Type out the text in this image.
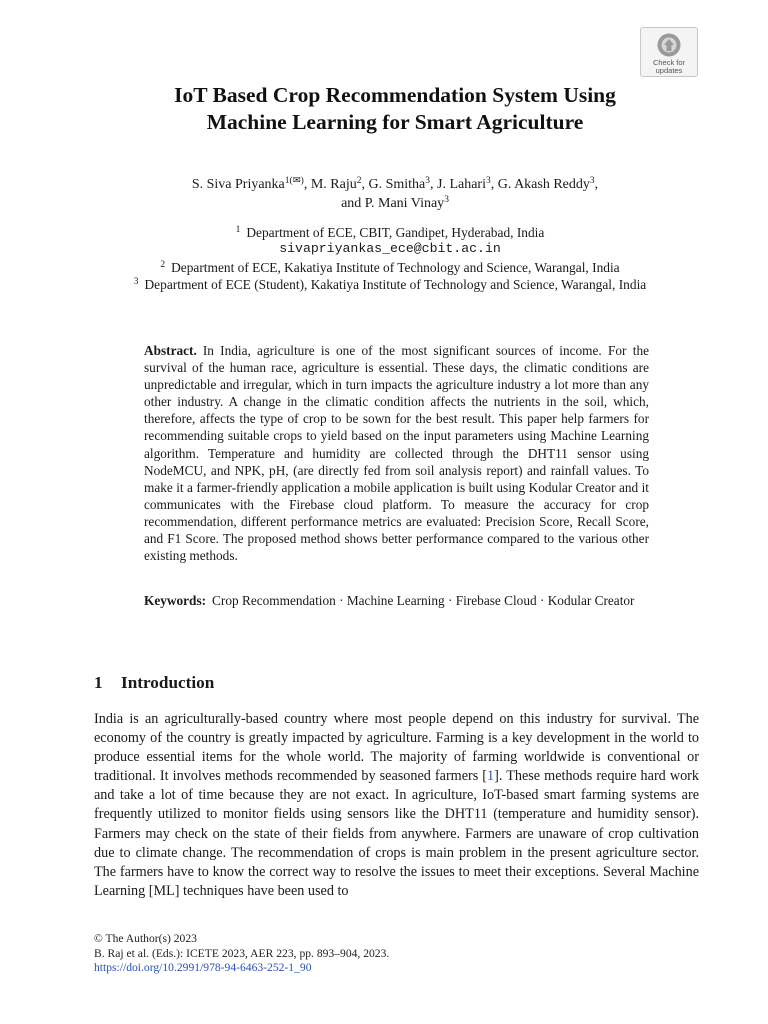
Check for
updates
IoT Based Crop Recommendation System Using
Machine Learning for Smart Agriculture
S. Siva Priyanka$^{1(✉)}$, M. Raju$^2$, G. Smitha$^3$, J. Lahari$^3$, G. Akash Reddy$^3$,
and P. Mani Vinay$^3$
$^1$ Department of ECE, CBIT, Gandipet, Hyderabad, India
sivapriyankas_ece@cbit.ac.in
$^2$ Department of ECE, Kakatiya Institute of Technology and Science, Warangal, India
$^3$ Department of ECE (Student), Kakatiya Institute of Technology and Science, Warangal, India
Abstract. In India, agriculture is one of the most significant sources of income. For the survival of the human race, agriculture is essential. These days, the climatic conditions are unpredictable and irregular, which in turn impacts the agriculture industry a lot more than any other industry. A change in the climatic condition affects the nutrients in the soil, which, therefore, affects the type of crop to be sown for the best result. This paper help farmers for recommending suitable crops to yield based on the input parameters using Machine Learning algorithm. Temperature and humidity are collected through the DHT11 sensor using NodeMCU, and NPK, pH, (are directly fed from soil analysis report) and rainfall values. To make it a farmer-friendly application a mobile application is built using Kodular Creator and it communicates with the Firebase cloud platform. To measure the accuracy for crop recommendation, different performance metrics are evaluated: Precision Score, Recall Score, and F1 Score. The proposed method shows better performance compared to the various other existing methods.
Keywords: Crop Recommendation · Machine Learning · Firebase Cloud · Kodular Creator
1 Introduction
India is an agriculturally-based country where most people depend on this industry for survival. The economy of the country is greatly impacted by agriculture. Farming is a key development in the world to produce essential items for the whole world. The majority of farming worldwide is conventional or traditional. It involves methods recommended by seasoned farmers [1]. These methods require hard work and take a lot of time because they are not exact. In agriculture, IoT-based smart farming systems are frequently utilized to monitor fields using sensors like the DHT11 (temperature and humidity sensor). Farmers may check on the state of their fields from anywhere. Farmers are unaware of crop cultivation due to climate change. The recommendation of crops is main problem in the present agriculture sector. The farmers have to know the correct way to resolve the issues to meet their exceptions. Several Machine Learning [ML] techniques have been used to
© The Author(s) 2023
B. Raj et al. (Eds.): ICETE 2023, AER 223, pp. 893–904, 2023.
https://doi.org/10.2991/978-94-6463-252-1_90
